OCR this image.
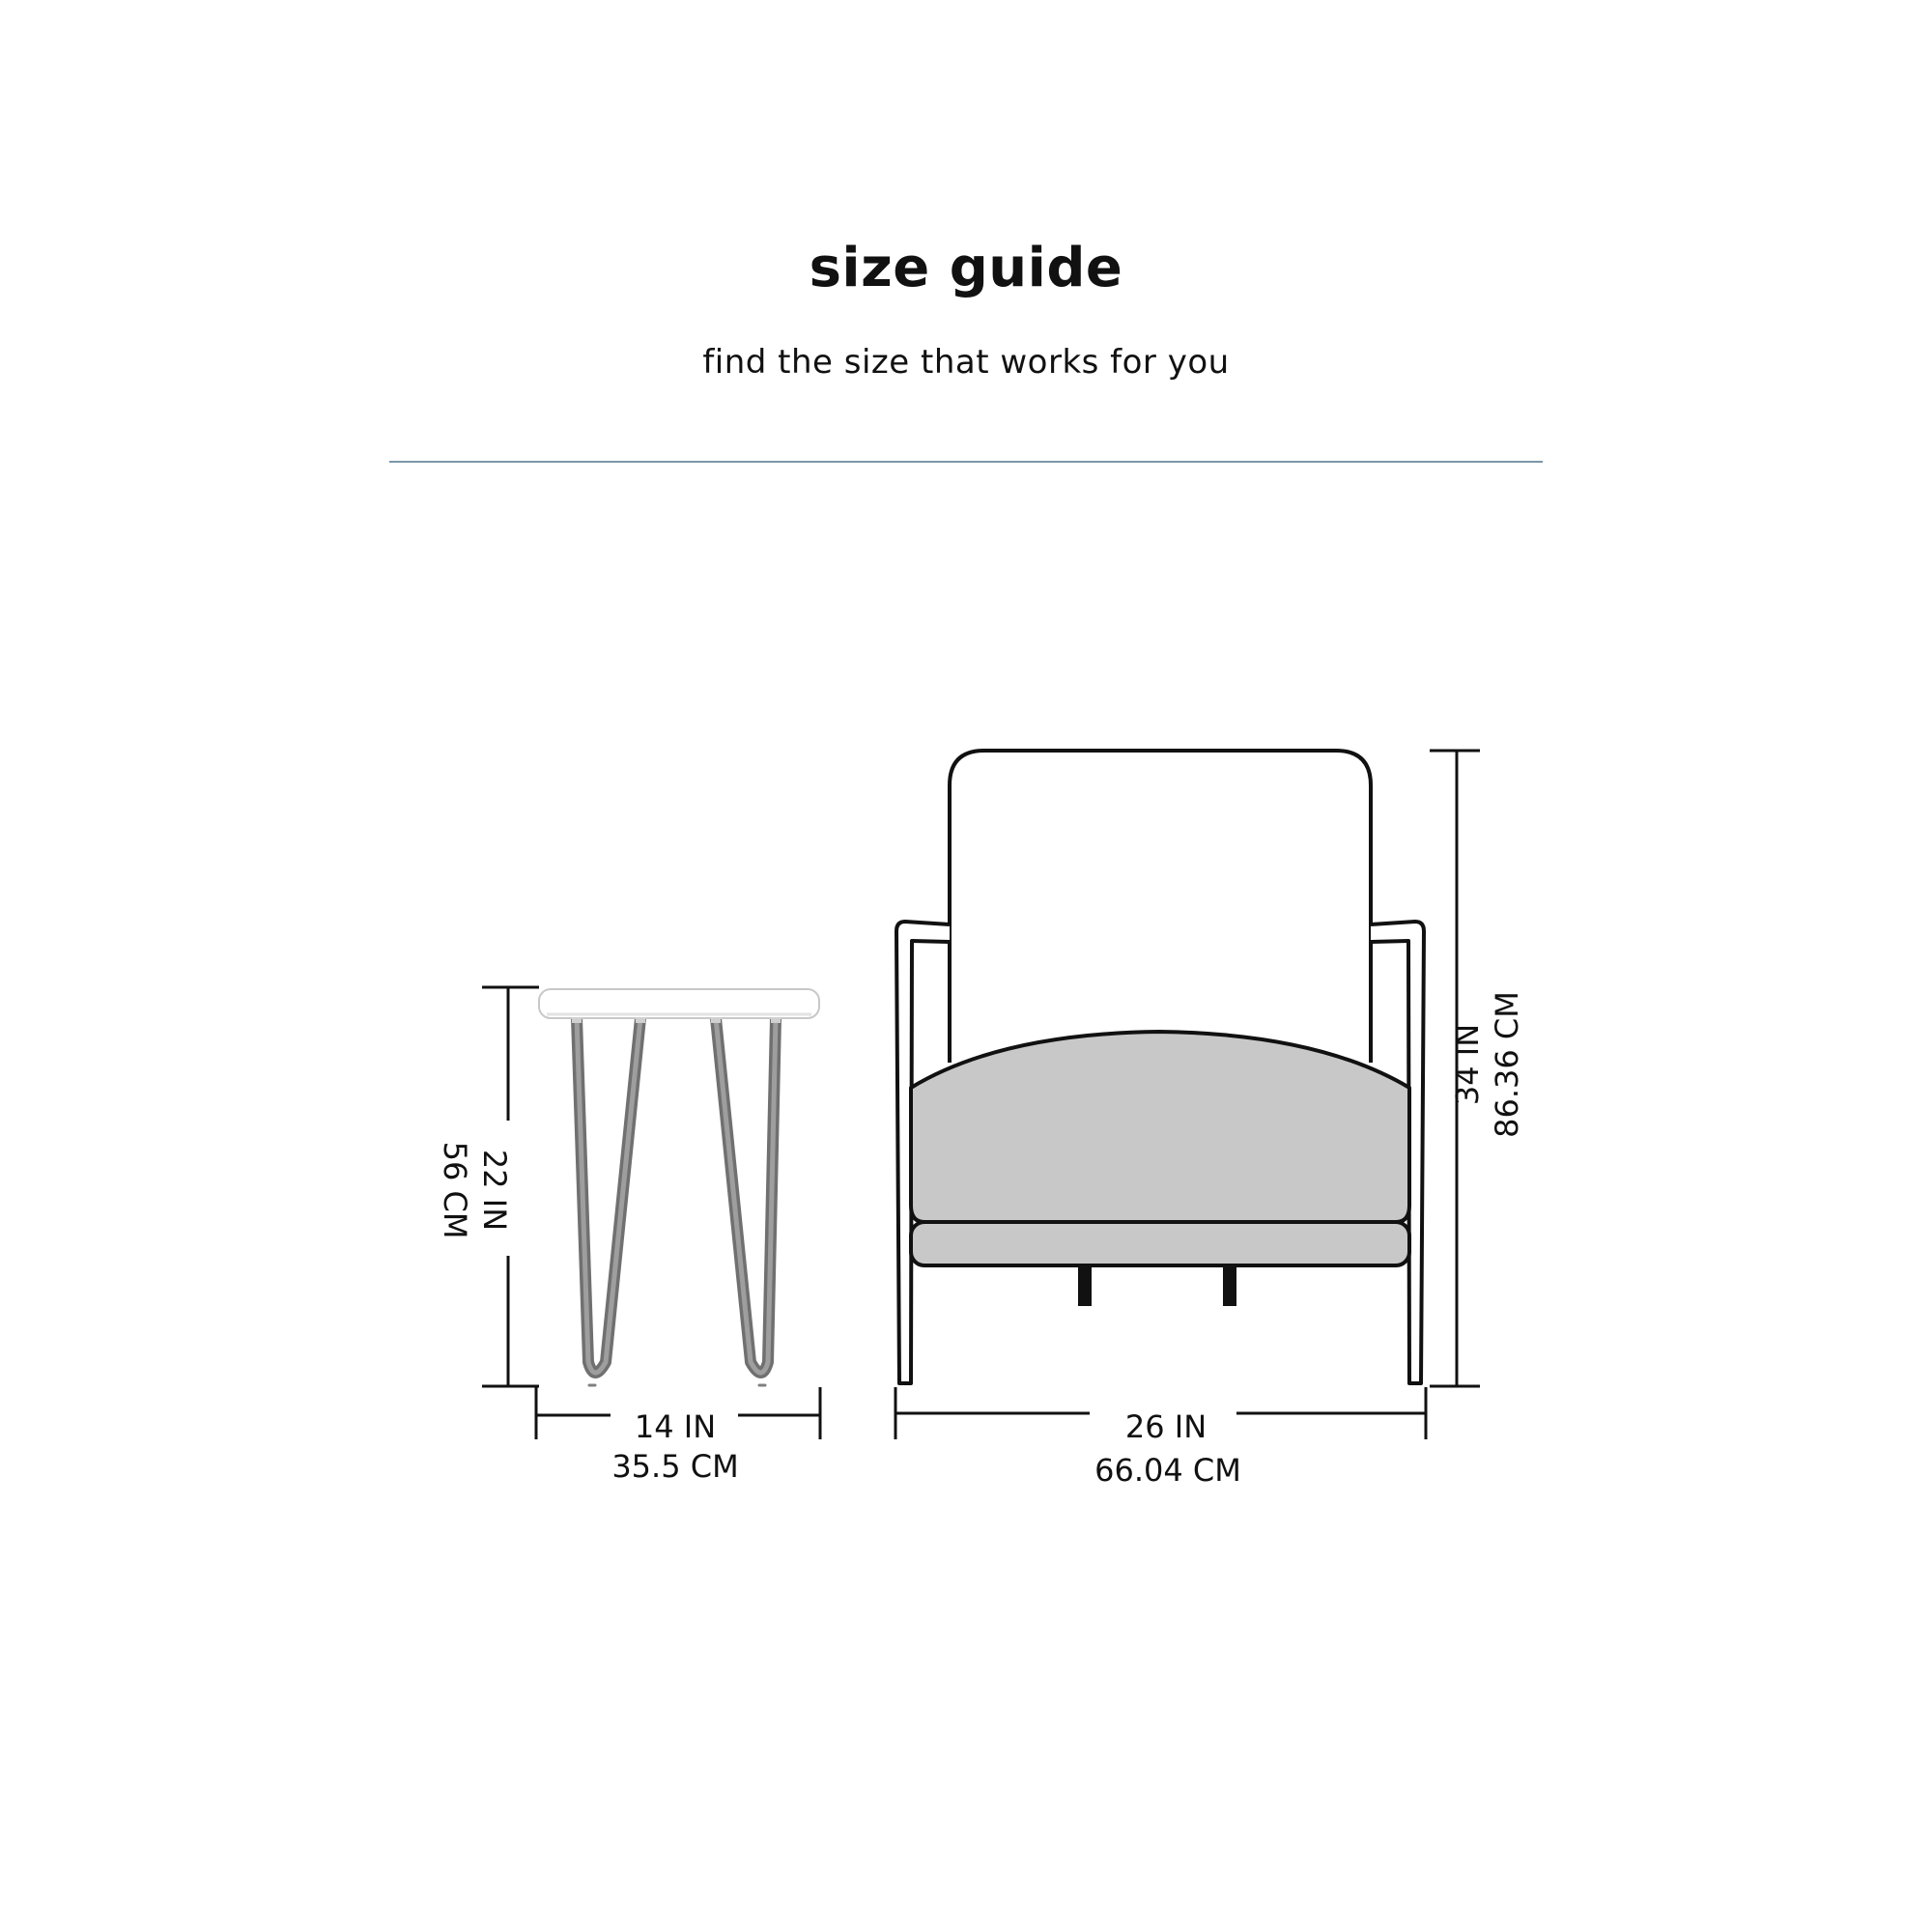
size guide
find the size that works for you
22 IN
56 CM
14 IN
35.5 CM
34 IN 86.36 CM
26 IN
66.04 CM
